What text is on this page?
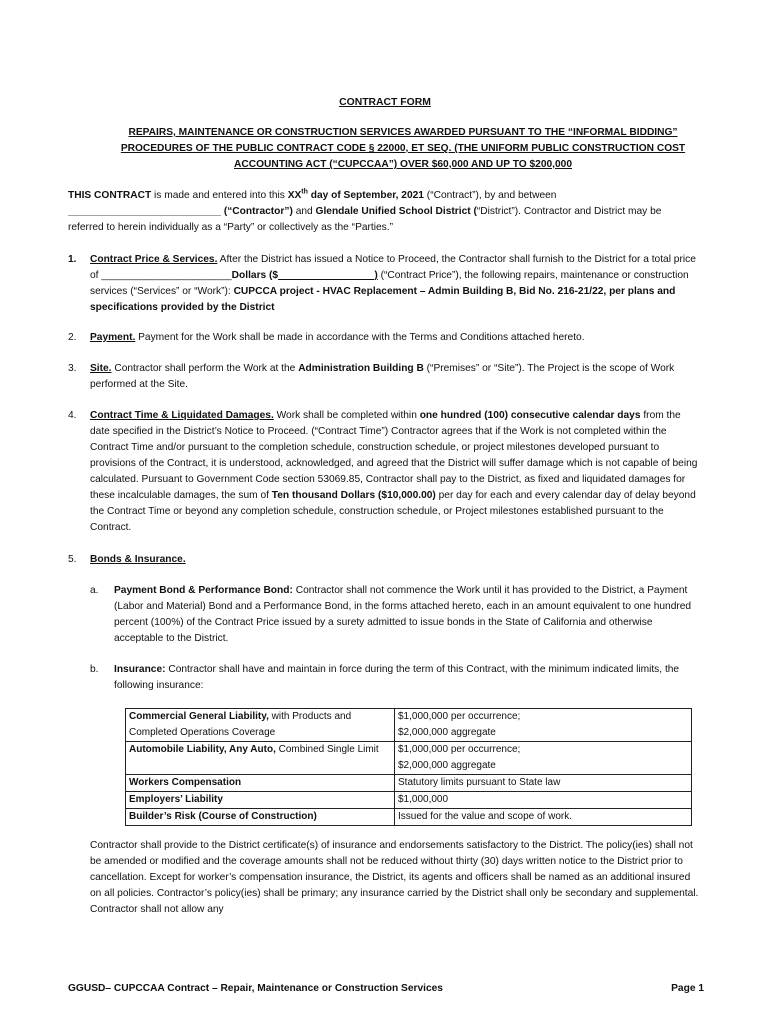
CONTRACT FORM
REPAIRS, MAINTENANCE OR CONSTRUCTION SERVICES AWARDED PURSUANT TO THE “INFORMAL BIDDING” PROCEDURES OF THE PUBLIC CONTRACT CODE § 22000, ET SEQ. (THE UNIFORM PUBLIC CONSTRUCTION COST ACCOUNTING ACT (“CUPCCAA”) OVER $60,000 AND UP TO $200,000
THIS CONTRACT is made and entered into this XXth day of September, 2021 (“Contract”), by and between ___________________________ (“Contractor”) and Glendale Unified School District (“District”). Contractor and District may be referred to herein individually as a “Party” or collectively as the “Parties.”
1.	Contract Price & Services. After the District has issued a Notice to Proceed, the Contractor shall furnish to the District for a total price of _______________________Dollars ($_________________) (“Contract Price”), the following repairs, maintenance or construction services (“Services” or “Work”): CUPCCA project - HVAC Replacement – Admin Building B, Bid No. 216-21/22, per plans and specifications provided by the District
2.	Payment. Payment for the Work shall be made in accordance with the Terms and Conditions attached hereto.
3.	Site. Contractor shall perform the Work at the Administration Building B (“Premises” or “Site”). The Project is the scope of Work performed at the Site.
4.	Contract Time & Liquidated Damages. Work shall be completed within one hundred (100) consecutive calendar days from the date specified in the District’s Notice to Proceed. (“Contract Time”) Contractor agrees that if the Work is not completed within the Contract Time and/or pursuant to the completion schedule, construction schedule, or project milestones developed pursuant to provisions of the Contract, it is understood, acknowledged, and agreed that the District will suffer damage which is not capable of being calculated. Pursuant to Government Code section 53069.85, Contractor shall pay to the District, as fixed and liquidated damages for these incalculable damages, the sum of Ten thousand Dollars ($10,000.00) per day for each and every calendar day of delay beyond the Contract Time or beyond any completion schedule, construction schedule, or Project milestones established pursuant to the Contract.
5.	Bonds & Insurance.
a. Payment Bond & Performance Bond: Contractor shall not commence the Work until it has provided to the District, a Payment (Labor and Material) Bond and a Performance Bond, in the forms attached hereto, each in an amount equivalent to one hundred percent (100%) of the Contract Price issued by a surety admitted to issue bonds in the State of California and otherwise acceptable to the District.
b. Insurance: Contractor shall have and maintain in force during the term of this Contract, with the minimum indicated limits, the following insurance:
Commercial General Liability, with Products and Completed Operations Coverage	$1,000,000 per occurrence;
$2,000,000 aggregate
Automobile Liability, Any Auto, Combined Single Limit	$1,000,000 per occurrence;
$2,000,000 aggregate
Workers Compensation	Statutory limits pursuant to State law
Employers’ Liability	$1,000,000
Builder’s Risk (Course of Construction)	Issued for the value and scope of work.
Contractor shall provide to the District certificate(s) of insurance and endorsements satisfactory to the District. The policy(ies) shall not be amended or modified and the coverage amounts shall not be reduced without thirty (30) days written notice to the District prior to cancellation. Except for worker’s compensation insurance, the District, its agents and officers shall be named as an additional insured on all policies. Contractor’s policy(ies) shall be primary; any insurance carried by the District shall only be secondary and supplemental. Contractor shall not allow any
GGUSD– CUPCCAA Contract – Repair, Maintenance or Construction Services	Page 1
